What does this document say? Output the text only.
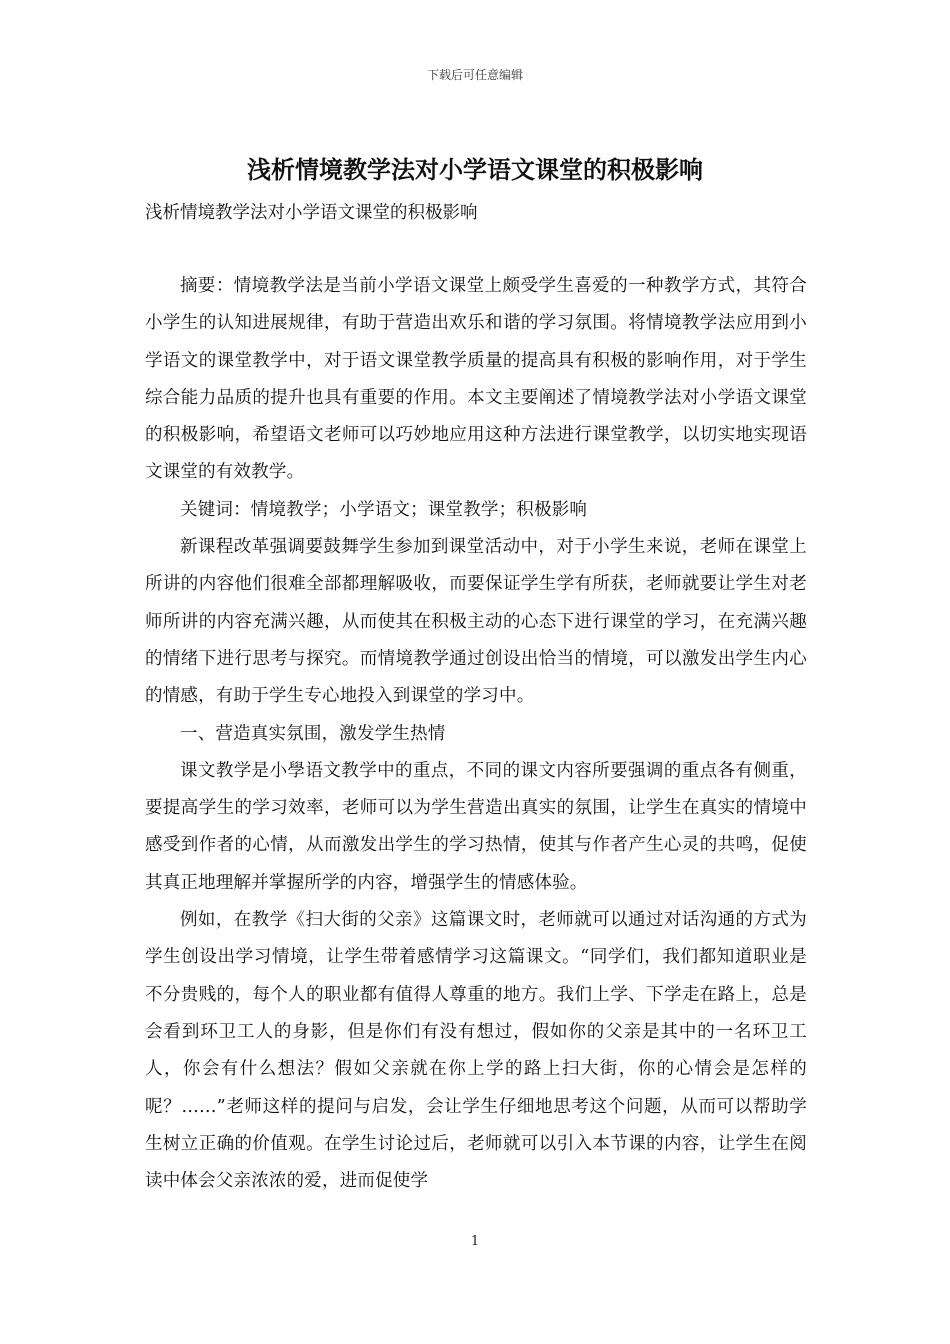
下载后可任意编辑
浅析情境教学法对小学语文课堂的积极影响

浅析情境教学法对小学语文课堂的积极影响

摘要：情境教学法是当前小学语文课堂上颇受学生喜爱的一种教学方式，其符合小学生的认知进展规律，有助于营造出欢乐和谐的学习氛围。将情境教学法应用到小学语文的课堂教学中，对于语文课堂教学质量的提高具有积极的影响作用，对于学生综合能力品质的提升也具有重要的作用。本文主要阐述了情境教学法对小学语文课堂的积极影响，希望语文老师可以巧妙地应用这种方法进行课堂教学，以切实地实现语文课堂的有效教学。

关键词：情境教学；小学语文；课堂教学；积极影响

新课程改革强调要鼓舞学生参加到课堂活动中，对于小学生来说，老师在课堂上所讲的内容他们很难全部都理解吸收，而要保证学生学有所获，老师就要让学生对老师所讲的内容充满兴趣，从而使其在积极主动的心态下进行课堂的学习，在充满兴趣的情绪下进行思考与探究。而情境教学通过创设出恰当的情境，可以激发出学生内心的情感，有助于学生专心地投入到课堂的学习中。

一、营造真实氛围，激发学生热情

课文教学是小學语文教学中的重点，不同的课文内容所要强调的重点各有侧重，要提高学生的学习效率，老师可以为学生营造出真实的氛围，让学生在真实的情境中感受到作者的心情，从而激发出学生的学习热情，使其与作者产生心灵的共鸣，促使其真正地理解并掌握所学的内容，增强学生的情感体验。

例如，在教学《扫大街的父亲》这篇课文时，老师就可以通过对话沟通的方式为学生创设出学习情境，让学生带着感情学习这篇课文。“同学们，我们都知道职业是不分贵贱的，每个人的职业都有值得人尊重的地方。我们上学、下学走在路上，总是会看到环卫工人的身影，但是你们有没有想过，假如你的父亲是其中的一名环卫工人，你会有什么想法？假如父亲就在你上学的路上扫大街，你的心情会是怎样的呢？……”老师这样的提问与启发，会让学生仔细地思考这个问题，从而可以帮助学生树立正确的价值观。在学生讨论过后，老师就可以引入本节课的内容，让学生在阅读中体会父亲浓浓的爱，进而促使学

1
